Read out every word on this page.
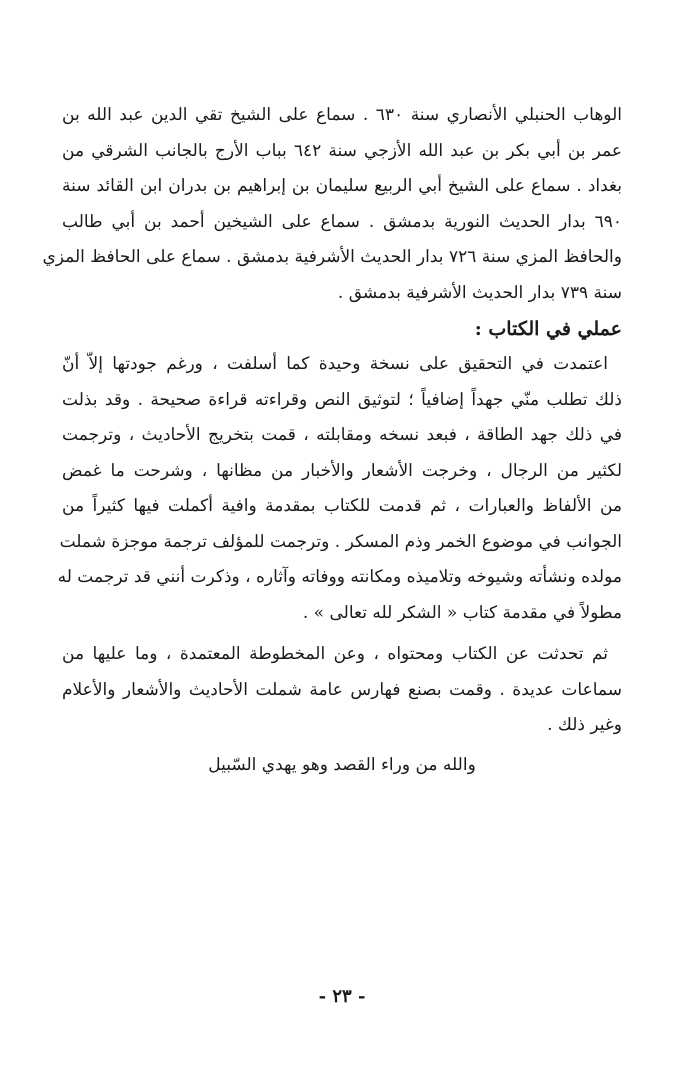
الوهاب الحنبلي الأنصاري سنة ٦٣٠ . سماع على الشيخ تقي الدين عبد الله بن
عمر بن أبي بكر بن عبد الله الأزجي سنة ٦٤٢ بباب الأرج بالجانب الشرقي من
بغداد . سماع على الشيخ أبي الربيع سليمان بن إبراهيم بن بدران ابن القائد سنة
٦٩٠ بدار الحديث النورية بدمشق . سماع على الشيخين أحمد بن أبي طالب
والحافظ المزي سنة ٧٢٦ بدار الحديث الأشرفية بدمشق . سماع على الحافظ المزي
سنة ٧٣٩ بدار الحديث الأشرفية بدمشق .
عملي في الكتاب :
اعتمدت في التحقيق على نسخة وحيدة كما أسلفت ، ورغم جودتها إلاّ أنّ
ذلك تطلب منّي جهداً إضافياً ؛ لتوثيق النص وقراءته قراءة صحيحة . وقد بذلت
في ذلك جهد الطاقة ، فبعد نسخه ومقابلته ، قمت بتخريج الأحاديث ، وترجمت
لكثير من الرجال ، وخرجت الأشعار والأخبار من مظانها ، وشرحت ما غمض
من الألفاظ والعبارات ، ثم قدمت للكتاب بمقدمة وافية أكملت فيها كثيراً من
الجوانب في موضوع الخمر وذم المسكر . وترجمت للمؤلف ترجمة موجزة شملت
مولده ونشأته وشيوخه وتلاميذه ومكانته ووفاته وآثاره ، وذكرت أنني قد ترجمت له
مطولاً في مقدمة كتاب « الشكر لله تعالى » .
ثم تحدثت عن الكتاب ومحتواه ، وعن المخطوطة المعتمدة ، وما عليها من
سماعات عديدة . وقمت بصنع فهارس عامة شملت الأحاديث والأشعار والأعلام
وغير ذلك .
والله من وراء القصد وهو يهدي السّبيل
- ٢٣ -
